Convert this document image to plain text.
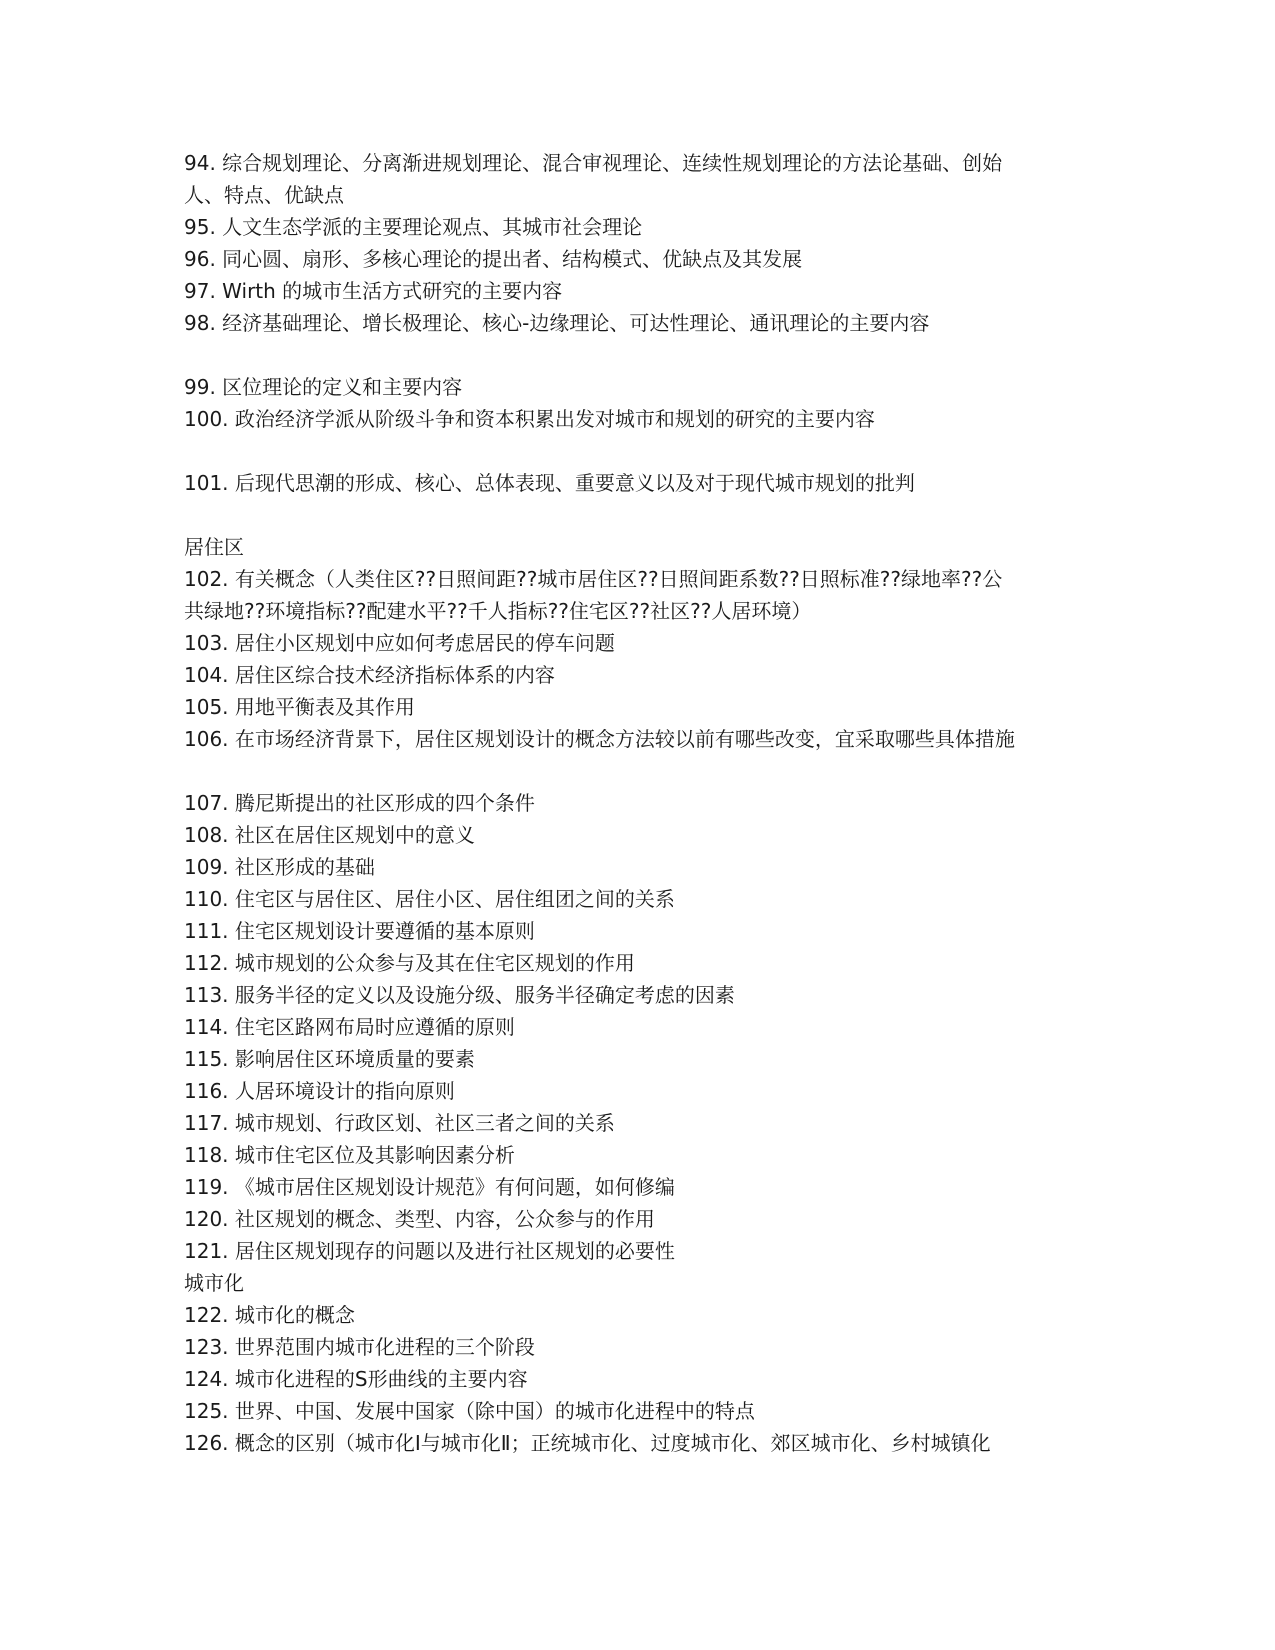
94. 综合规划理论、分离渐进规划理论、混合审视理论、连续性规划理论的方法论基础、创始
人、特点、优缺点
95. 人文生态学派的主要理论观点、其城市社会理论
96. 同心圆、扇形、多核心理论的提出者、结构模式、优缺点及其发展
97. Wirth 的城市生活方式研究的主要内容
98. 经济基础理论、增长极理论、核心-边缘理论、可达性理论、通讯理论的主要内容
99. 区位理论的定义和主要内容
100. 政治经济学派从阶级斗争和资本积累出发对城市和规划的研究的主要内容
101. 后现代思潮的形成、核心、总体表现、重要意义以及对于现代城市规划的批判
居住区
102. 有关概念（人类住区??日照间距??城市居住区??日照间距系数??日照标准??绿地率??公
共绿地??环境指标??配建水平??千人指标??住宅区??社区??人居环境）
103. 居住小区规划中应如何考虑居民的停车问题
104. 居住区综合技术经济指标体系的内容
105. 用地平衡表及其作用
106. 在市场经济背景下，居住区规划设计的概念方法较以前有哪些改变，宜采取哪些具体措施
107. 腾尼斯提出的社区形成的四个条件
108. 社区在居住区规划中的意义
109. 社区形成的基础
110. 住宅区与居住区、居住小区、居住组团之间的关系
111. 住宅区规划设计要遵循的基本原则
112. 城市规划的公众参与及其在住宅区规划的作用
113. 服务半径的定义以及设施分级、服务半径确定考虑的因素
114. 住宅区路网布局时应遵循的原则
115. 影响居住区环境质量的要素
116. 人居环境设计的指向原则
117. 城市规划、行政区划、社区三者之间的关系
118. 城市住宅区位及其影响因素分析
119. 《城市居住区规划设计规范》有何问题，如何修编
120. 社区规划的概念、类型、内容，公众参与的作用
121. 居住区规划现存的问题以及进行社区规划的必要性
城市化
122. 城市化的概念
123. 世界范围内城市化进程的三个阶段
124. 城市化进程的S形曲线的主要内容
125. 世界、中国、发展中国家（除中国）的城市化进程中的特点
126. 概念的区别（城市化Ⅰ与城市化Ⅱ；正统城市化、过度城市化、郊区城市化、乡村城镇化
